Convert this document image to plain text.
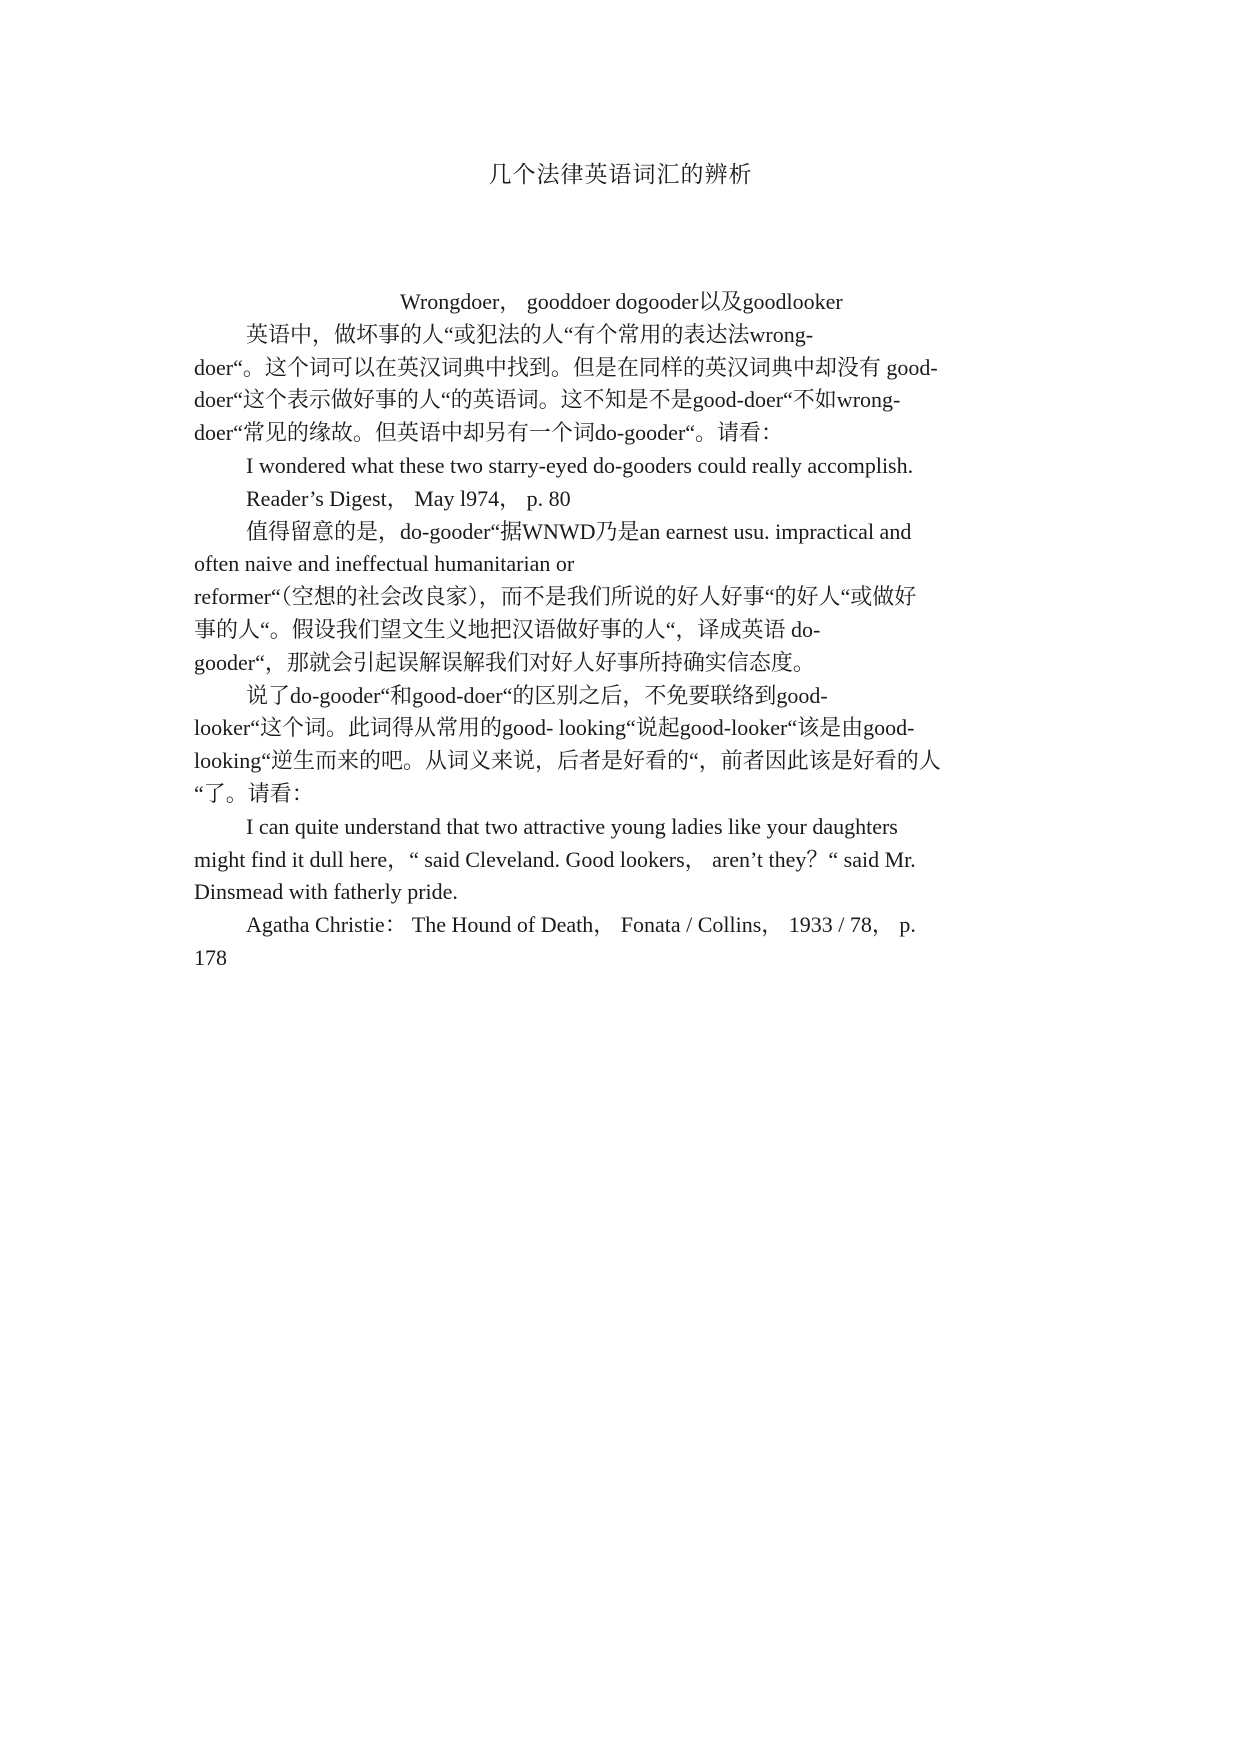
几个法律英语词汇的辨析
Wrongdoer， gooddoer dogooder以及goodlooker
英语中，做坏事的人“或犯法的人“有个常用的表达法wrong-
doer“。这个词可以在英汉词典中找到。但是在同样的英汉词典中却没有 good-
doer“这个表示做好事的人“的英语词。这不知是不是good-doer“不如wrong-
doer“常见的缘故。但英语中却另有一个词do-gooder“。请看：
I wondered what these two starry-eyed do-gooders could really accomplish.
Reader’s Digest， May l974， p. 80
值得留意的是，do-gooder“据WNWD乃是an earnest usu. impractical and
often naive and ineffectual humanitarian or
reformer“（空想的社会改良家），而不是我们所说的好人好事“的好人“或做好
事的人“。假设我们望文生义地把汉语做好事的人“，译成英语 do-
gooder“，那就会引起误解误解我们对好人好事所持确实信态度。
说了do-gooder“和good-doer“的区别之后，不免要联络到good-
looker“这个词。此词得从常用的good- looking“说起good-looker“该是由good-
looking“逆生而来的吧。从词义来说，后者是好看的“，前者因此该是好看的人
“了。请看：
I can quite understand that two attractive young ladies like your daughters
might find it dull here，“ said Cleveland. Good lookers， aren’t they？“ said Mr.
Dinsmead with fatherly pride.
Agatha Christie： The Hound of Death， Fonata / Collins， 1933 / 78， p.
178
